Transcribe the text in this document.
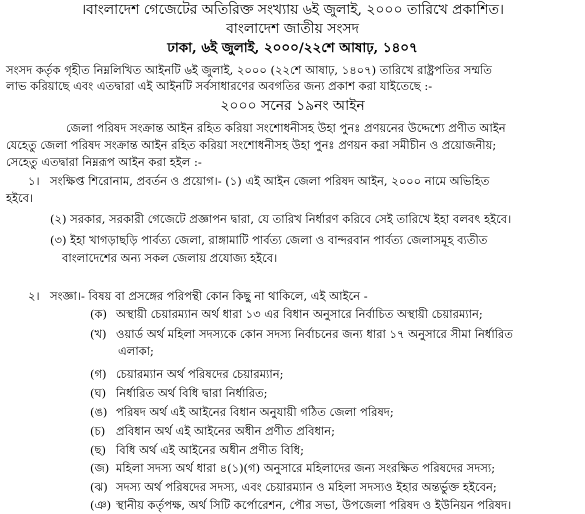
।বাংলাদেশ গেজেটের অতিরিক্ত সংখ্যায় ৬ই জুলাই, ২০০০ তারিখে প্রকাশিত।
বাংলাদেশ জাতীয় সংসদ
ঢাকা, ৬ই জুলাই, ২০০০/২২শে আষাঢ়, ১৪০৭
সংসদ কর্তৃক গৃহীত নিম্নলিখিত আইনটি ৬ই জুলাই, ২০০০ (২২শে আষাঢ়, ১৪০৭) তারিখে রাষ্ট্রপতির সম্মতি
লাভ করিয়াছে এবং এতদ্বারা এই আইনটি সর্বসাধারণের অবগতির জন্য প্রকাশ করা যাইতেছে :-
২০০০ সনের ১৯নং আইন
জেলা পরিষদ সংক্রান্ত আইন রহিত করিয়া সংশোধনীসহ উহা পুনঃ প্রণয়নের উদ্দেশ্যে প্রণীত আইন
যেহেতু জেলা পরিষদ সংক্রান্ত আইন রহিত করিয়া সংশোধনীসহ উহা পুনঃ প্রণয়ন করা সমীচীন ও প্রয়োজনীয়;
সেহেতু এতদ্বারা নিম্নরূপ আইন করা হইল :-
১। সংক্ষিপ্ত শিরোনাম, প্রবর্তন ও প্রয়োগ।- (১) এই আইন জেলা পরিষদ আইন, ২০০০ নামে অভিহিত
হইবে।
(২) সরকার, সরকারী গেজেটে প্রজ্ঞাপন দ্বারা, যে তারিখ নির্ধারণ করিবে সেই তারিখে ইহা বলবৎ হইবে।
(৩) ইহা খাগড়াছড়ি পার্বত্য জেলা, রাঙ্গামাটি পার্বত্য জেলা ও বান্দরবান পার্বত্য জেলাসমূহ ব্যতীত
বাংলাদেশের অন্য সকল জেলায় প্রযোজ্য হইবে।
২। সংজ্ঞা।- বিষয় বা প্রসঙ্গের পরিপন্থী কোন কিছু না থাকিলে, এই আইনে -
(ক) অস্থায়ী চেয়ারম্যান অর্থ ধারা ১৩ এর বিধান অনুসারে নির্বাচিত অস্থায়ী চেয়ারম্যান;
(খ) ওয়ার্ড অর্থ মহিলা সদস্যকে কোন সদস্য নির্বাচনের জন্য ধারা ১৭ অনুসারে সীমা নির্ধারিত
এলাকা;
(গ) চেয়ারম্যান অর্থ পরিষদের চেয়ারম্যান;
(ঘ) নির্ধারিত অর্থ বিধি দ্বারা নির্ধারিত;
(ঙ) পরিষদ অর্থ এই আইনের বিধান অনুযায়ী গঠিত জেলা পরিষদ;
(চ) প্রবিধান অর্থ এই আইনের অধীন প্রণীত প্রবিধান;
(ছ) বিধি অর্থ এই আইনের অধীন প্রণীত বিধি;
(জ) মহিলা সদস্য অর্থ ধারা ৪(১)(গ) অনুসারে মহিলাদের জন্য সংরক্ষিত পরিষদের সদস্য;
(ঝ) সদস্য অর্থ পরিষদের সদস্য, এবং চেয়ারম্যান ও মহিলা সদস্যও ইহার অন্তর্ভুক্ত হইবেন;
(ঞ) স্থানীয় কর্তৃপক্ষ, অর্থ সিটি কর্পোরেশন, পৌর সভা, উপজেলা পরিষদ ও ইউনিয়ন পরিষদ।
